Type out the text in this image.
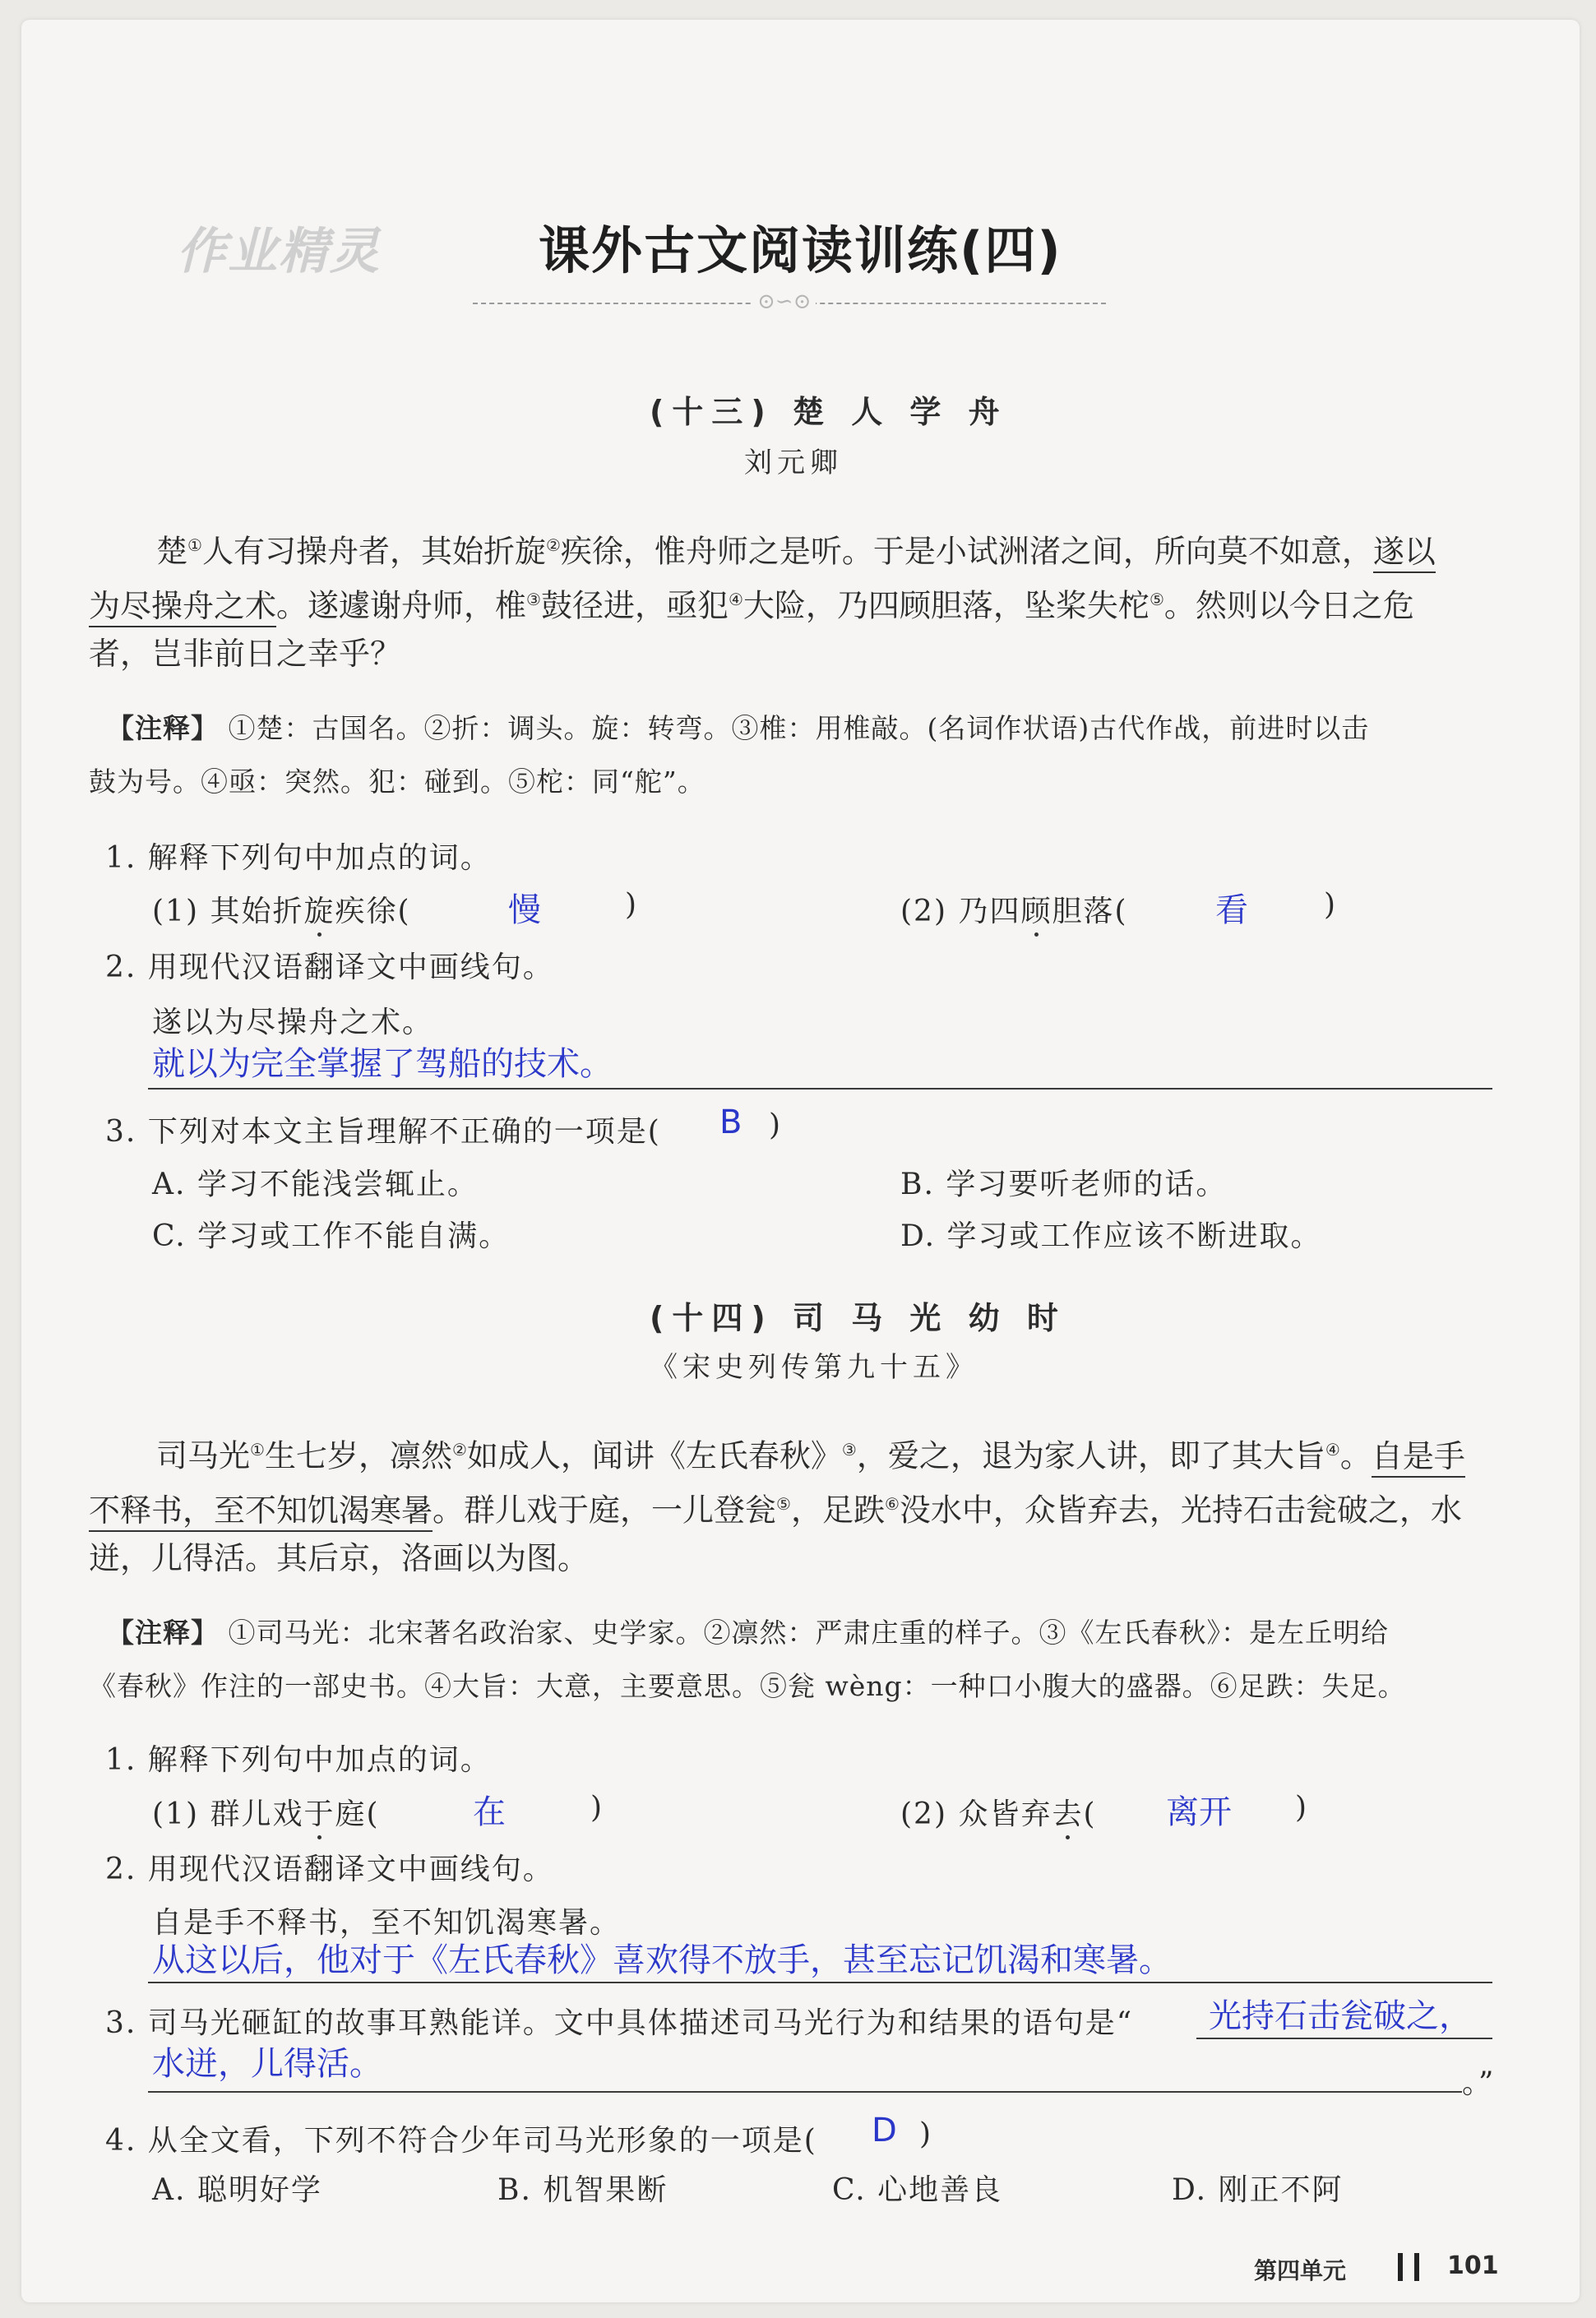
作业精灵	课外古文阅读训练(四)
⊙∽⊙
(十三) 楚 人 学 舟
刘元卿
楚①人有习操舟者，其始折旋②疾徐，惟舟师之是听。于是小试洲渚之间，所向莫不如意，遂以
为尽操舟之术。遂遽谢舟师，椎③鼓径进，亟犯④大险，乃四顾胆落，坠桨失柁⑤。然则以今日之危
者，岂非前日之幸乎？
【注释】 ①楚：古国名。②折：调头。旋：转弯。③椎：用椎敲。(名词作状语)古代作战，前进时以击
鼓为号。④亟：突然。犯：碰到。⑤柁：同“舵”。
1. 解释下列句中加点的词。
(1) 其始折旋疾徐(	慢	)	(2) 乃四顾胆落(	看	)
2. 用现代汉语翻译文中画线句。
遂以为尽操舟之术。
就以为完全掌握了驾船的技术。
3. 下列对本文主旨理解不正确的一项是( B )
A. 学习不能浅尝辄止。	B. 学习要听老师的话。
C. 学习或工作不能自满。	D. 学习或工作应该不断进取。
(十四) 司 马 光 幼 时
《宋史列传第九十五》
司马光①生七岁，凛然②如成人，闻讲《左氏春秋》③，爱之，退为家人讲，即了其大旨④。自是手
不释书，至不知饥渴寒暑。群儿戏于庭，一儿登瓮⑤，足跌⑥没水中，众皆弃去，光持石击瓮破之，水
迸，儿得活。其后京，洛画以为图。
【注释】 ①司马光：北宋著名政治家、史学家。②凛然：严肃庄重的样子。③《左氏春秋》：是左丘明给
《春秋》作注的一部史书。④大旨：大意，主要意思。⑤瓮 wèng：一种口小腹大的盛器。⑥足跌：失足。
1. 解释下列句中加点的词。
(1) 群儿戏于庭(	在	)	(2) 众皆弃去( 离开 )
2. 用现代汉语翻译文中画线句。
自是手不释书，至不知饥渴寒暑。
从这以后，他对于《左氏春秋》喜欢得不放手，甚至忘记饥渴和寒暑。
3. 司马光砸缸的故事耳熟能详。文中具体描述司马光行为和结果的语句是“ 光持石击瓮破之，
水迸，儿得活。
。”
4. 从全文看，下列不符合少年司马光形象的一项是( D )
A. 聪明好学	B. 机智果断	C. 心地善良	D. 刚正不阿
第四单元	101
